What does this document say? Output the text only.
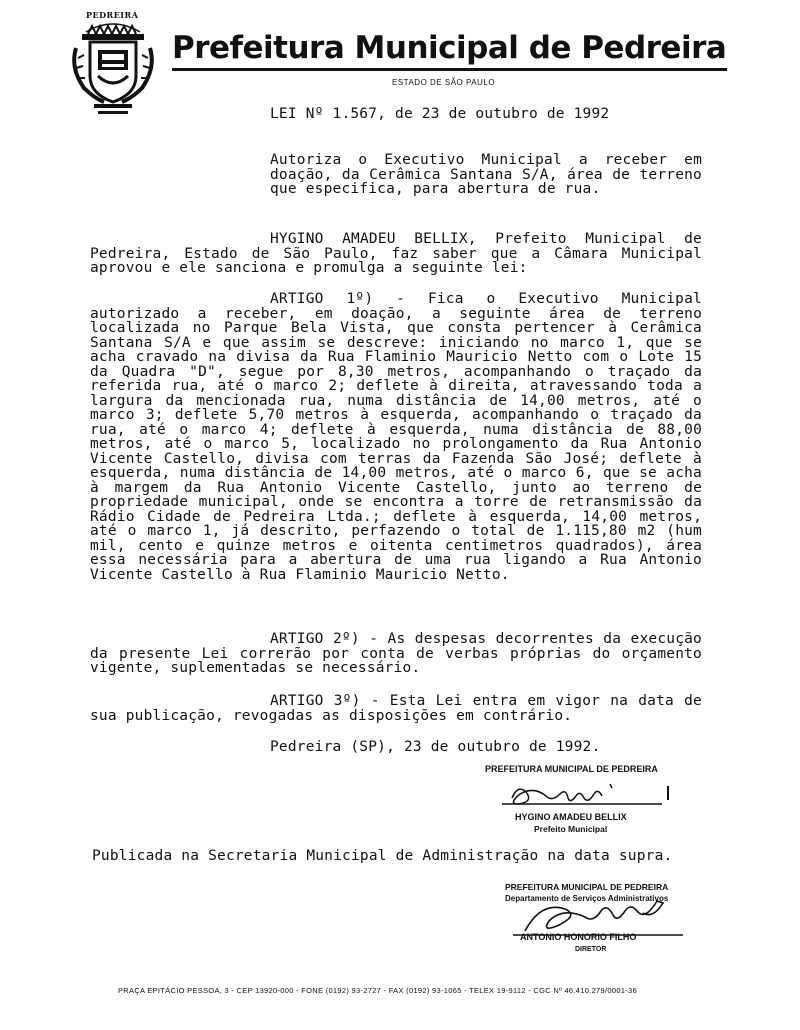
PEDREIRA
Prefeitura Municipal de Pedreira
ESTADO DE SÃO PAULO
LEI Nº 1.567, de 23 de outubro de 1992
Autoriza o Executivo Municipal a receber em doação, da Cerâmica Santana S/A, área de terreno que especifica, para abertura de rua.
HYGINO AMADEU BELLIX, Prefeito Municipal de Pedreira, Estado de São Paulo, faz saber que a Câmara Municipal aprovou e ele sanciona e promulga a seguinte lei:
ARTIGO 1º) - Fica o Executivo Municipal autorizado a receber, em doação, a seguinte área de terreno localizada no Parque Bela Vista, que consta pertencer à Cerâmica Santana S/A e que assim se descreve: iniciando no marco 1, que se acha cravado na divisa da Rua Flaminio Mauricio Netto com o Lote 15 da Quadra "D", segue por 8,30 metros, acompanhando o traçado da referida rua, até o marco 2; deflete à direita, atravessando toda a largura da mencionada rua, numa distância de 14,00 metros, até o marco 3; deflete 5,70 metros à esquerda, acompanhando o traçado da rua, até o marco 4; deflete à esquerda, numa distância de 88,00 metros, até o marco 5, localizado no prolongamento da Rua Antonio Vicente Castello, divisa com terras da Fazenda São José; deflete à esquerda, numa distância de 14,00 metros, até o marco 6, que se acha à margem da Rua Antonio Vicente Castello, junto ao terreno de propriedade municipal, onde se encontra a torre de retransmissão da Rádio Cidade de Pedreira Ltda.; deflete à esquerda, 14,00 metros, até o marco 1, já descrito, perfazendo o total de 1.115,80 m2 (hum mil, cento e quinze metros e oitenta centimetros quadrados), área essa necessária para a abertura de uma rua ligando a Rua Antonio Vicente Castello à Rua Flaminio Mauricio Netto.
ARTIGO 2º) - As despesas decorrentes da execução da presente Lei correrão por conta de verbas próprias do orçamento vigente, suplementadas se necessário.
ARTIGO 3º) - Esta Lei entra em vigor na data de sua publicação, revogadas as disposições em contrário.
Pedreira (SP), 23 de outubro de 1992.
PREFEITURA MUNICIPAL DE PEDREIRA
HYGINO AMADEU BELLIX
Prefeito Municipal
Publicada na Secretaria Municipal de Administração na data supra.
PREFEITURA MUNICIPAL DE PEDREIRA
Departamento de Serviços Administrativos
ANTONIO HONORIO FILHO
DIRETOR
PRAÇA EPITÁCIO PESSOA, 3 - CEP 13920-000 - FONE (0192) 93-2727 - FAX (0192) 93-1065 - TELEX 19-9112 - CGC Nº 46.410.279/0001-36
